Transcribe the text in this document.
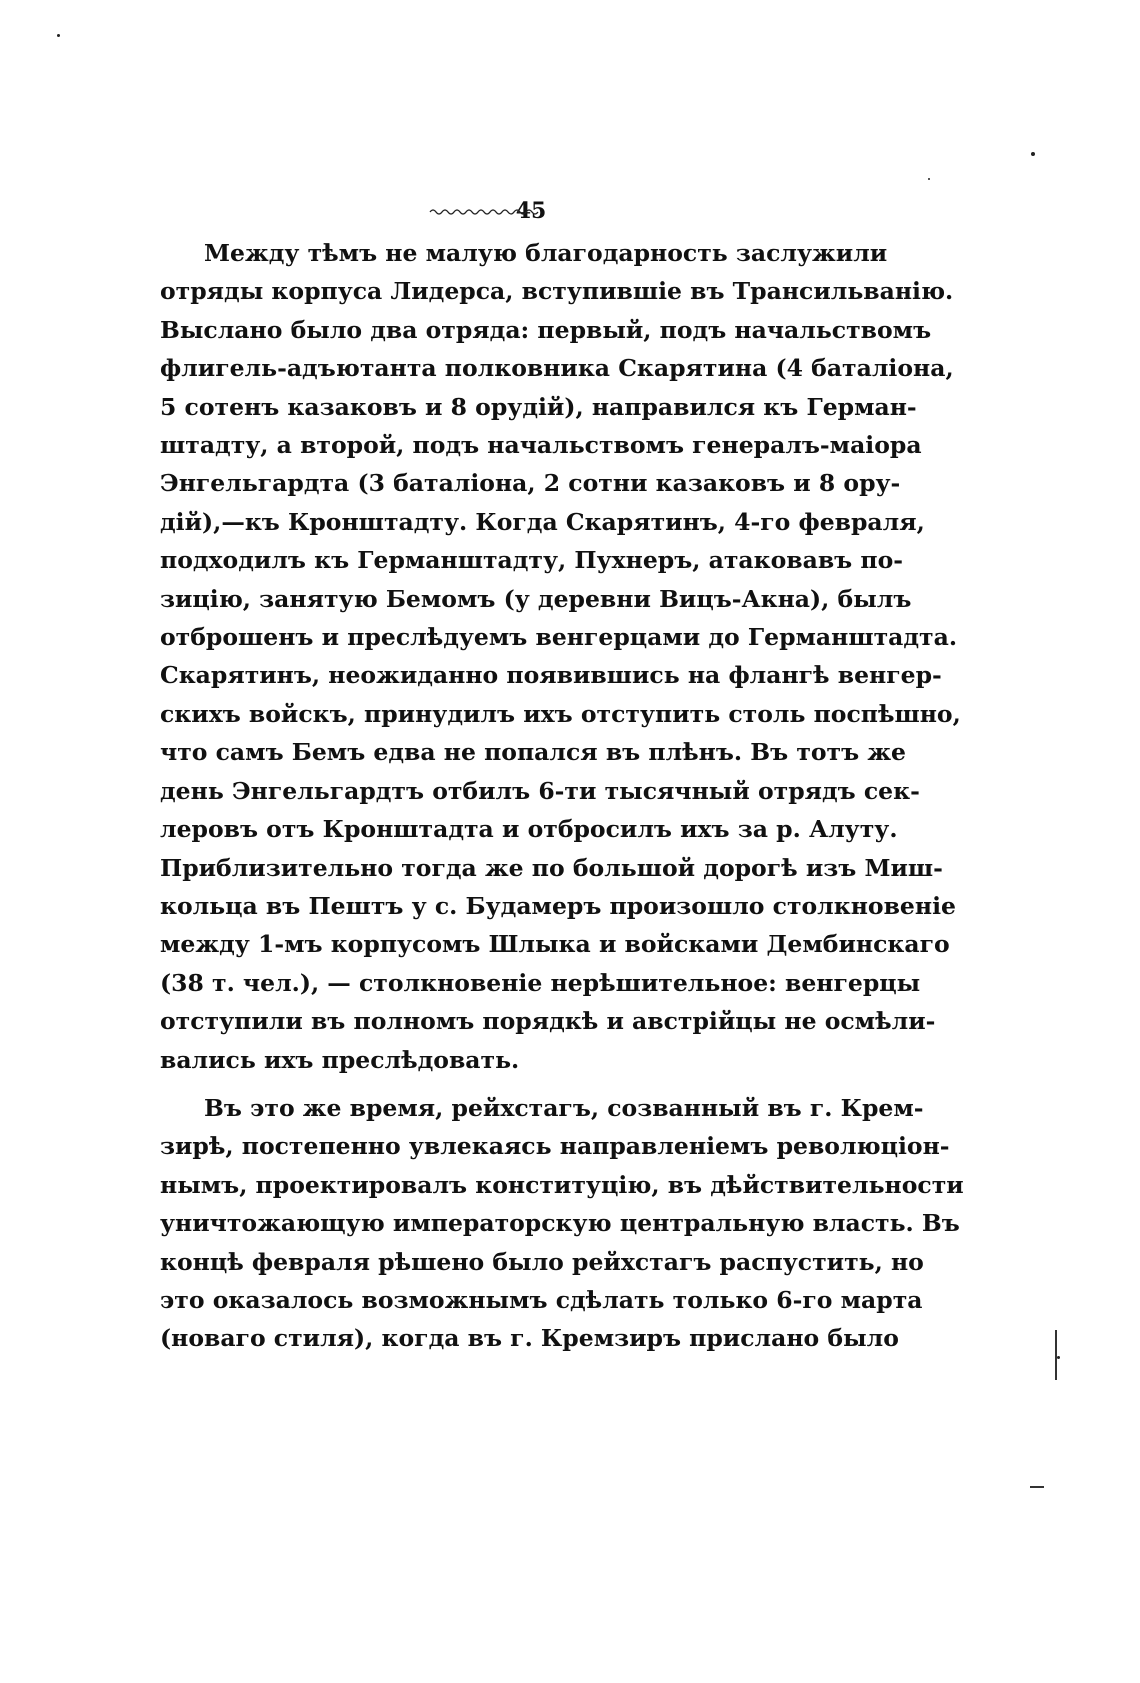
45
Между тѣмъ не малую благодарность заслужили
отряды корпуса Лидерса, вступившіе въ Трансильванію.
Выслано было два отряда: первый, подъ начальствомъ
флигель-адъютанта полковника Скарятина (4 баталіона,
5 сотенъ казаковъ и 8 орудій), направился къ Герман-
штадту, а второй, подъ начальствомъ генералъ-маіора
Энгельгардта (3 баталіона, 2 сотни казаковъ и 8 ору-
дій),—къ Кронштадту. Когда Скарятинъ, 4-го февраля,
подходилъ къ Германштадту, Пухнеръ, атаковавъ по-
зицію, занятую Бемомъ (у деревни Вицъ-Акна), былъ
отброшенъ и преслѣдуемъ венгерцами до Германштадта.
Скарятинъ, неожиданно появившись на флангѣ венгер-
скихъ войскъ, принудилъ ихъ отступить столь поспѣшно,
что самъ Бемъ едва не попался въ плѣнъ. Въ тотъ же
день Энгельгардтъ отбилъ 6-ти тысячный отрядъ сек-
леровъ отъ Кронштадта и отбросилъ ихъ за р. Алуту.
Приблизительно тогда же по большой дорогѣ изъ Миш-
кольца въ Пештъ у с. Будамеръ произошло столкновеніе
между 1-мъ корпусомъ Шлыка и войсками Дембинскаго
(38 т. чел.), — столкновеніе нерѣшительное: венгерцы
отступили въ полномъ порядкѣ и австрійцы не осмѣли-
вались ихъ преслѣдовать.
Въ это же время, рейхстагъ, созванный въ г. Крем-
зирѣ, постепенно увлекаясь направленіемъ революціон-
нымъ, проектировалъ конституцію, въ дѣйствительности
уничтожающую императорскую центральную власть. Въ
концѣ февраля рѣшено было рейхстагъ распустить, но
это оказалось возможнымъ сдѣлать только 6-го марта
(новаго стиля), когда въ г. Кремзиръ прислано было
